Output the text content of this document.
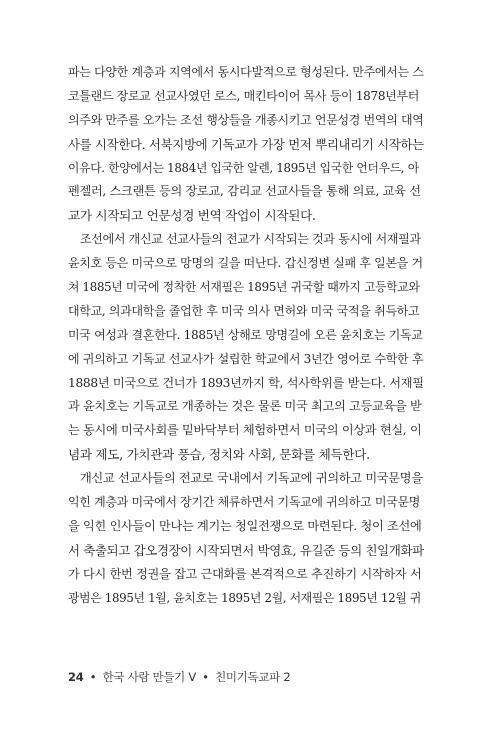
파는 다양한 계층과 지역에서 동시다발적으로 형성된다. 만주에서는 스
코틀랜드 장로교 선교사였던 로스, 매킨타이어 목사 등이 1878년부터
의주와 만주를 오가는 조선 행상들을 개종시키고 언문성경 번역의 대역
사를 시작한다. 서북지방에 기독교가 가장 먼저 뿌리내리기 시작하는
이유다. 한양에서는 1884년 입국한 알렌, 1895년 입국한 언더우드, 아
펜젤러, 스크랜튼 등의 장로교, 감리교 선교사들을 통해 의료, 교육 선
교가 시작되고 언문성경 번역 작업이 시작된다.
조선에서 개신교 선교사들의 전교가 시작되는 것과 동시에 서재필과
윤치호 등은 미국으로 망명의 길을 떠난다. 갑신정변 실패 후 일본을 거
쳐 1885년 미국에 정착한 서재필은 1895년 귀국할 때까지 고등학교와
대학교, 의과대학을 졸업한 후 미국 의사 면허와 미국 국적을 취득하고
미국 여성과 결혼한다. 1885년 상해로 망명길에 오른 윤치호는 기독교
에 귀의하고 기독교 선교사가 설립한 학교에서 3년간 영어로 수학한 후
1888년 미국으로 건너가 1893년까지 학, 석사학위를 받는다. 서재필
과 윤치호는 기독교로 개종하는 것은 물론 미국 최고의 고등교육을 받
는 동시에 미국사회를 밑바닥부터 체험하면서 미국의 이상과 현실, 이
념과 제도, 가치관과 풍습, 정치와 사회, 문화를 체득한다.
개신교 선교사들의 전교로 국내에서 기독교에 귀의하고 미국문명을
익힌 계층과 미국에서 장기간 체류하면서 기독교에 귀의하고 미국문명
을 익힌 인사들이 만나는 계기는 청일전쟁으로 마련된다. 청이 조선에
서 축출되고 갑오경장이 시작되면서 박영효, 유길준 등의 친일개화파
가 다시 한번 정권을 잡고 근대화를 본격적으로 추진하기 시작하자 서
광범은 1895년 1월, 윤치호는 1895년 2월, 서재필은 1895년 12월 귀
24 • 한국 사람 만들기 V • 친미기독교파 2
